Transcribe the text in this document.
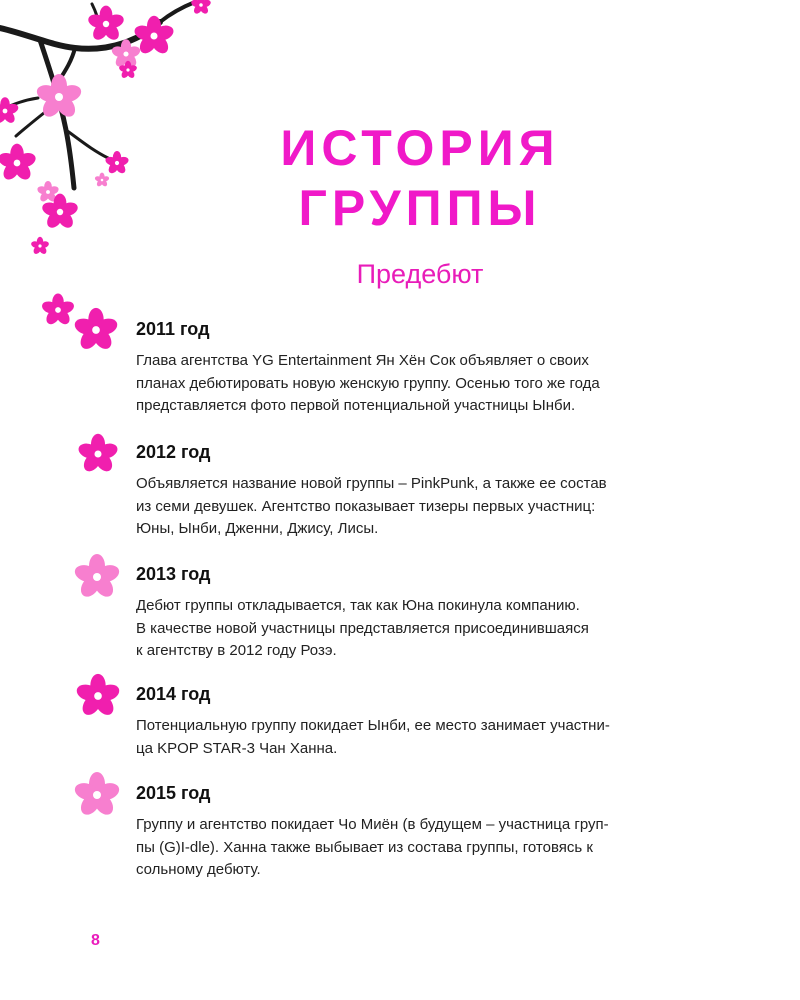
ИСТОРИЯ
ГРУППЫ
Предебют
2011 год

Глава агентства YG Entertainment Ян Хён Сок объявляет о своих
планах дебютировать новую женскую группу. Осенью того же года
представляется фото первой потенциальной участницы Ынби.

2012 год

Объявляется название новой группы – PinkPunk, а также ее состав
из семи девушек. Агентство показывает тизеры первых участниц:
Юны, Ынби, Дженни, Джису, Лисы.

2013 год

Дебют группы откладывается, так как Юна покинула компанию.
В качестве новой участницы представляется присоединившаяся
к агентству в 2012 году Розэ.

2014 год

Потенциальную группу покидает Ынби, ее место занимает участни-
ца KPOP STAR-3 Чан Ханна.

2015 год

Группу и агентство покидает Чо Миён (в будущем – участница груп-
пы (G)I-dle). Ханна также выбывает из состава группы, готовясь к
сольному дебюту.

8
